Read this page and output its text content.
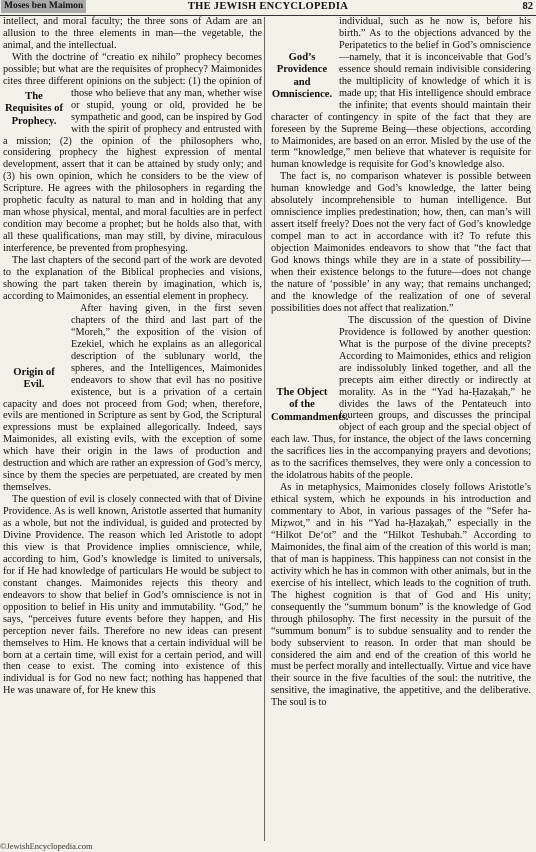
Moses ben Maimon	THE JEWISH ENCYCLOPEDIA	82

intellect, and moral faculty; the three sons of Adam are an allusion to the three elements in man—the vegetable, the animal, and the intellectual.

With the doctrine of “creatio ex nihilo” prophecy becomes possible; but what are the requisites of prophecy? Maimonides cites three different opinions on the subject: (1) the opinion of
The Requisites of Prophecy.
those who believe that any man, whether wise or stupid, young or old, provided he be sympathetic and good, can be inspired by God with the spirit of prophecy and entrusted with a mission; (2) the opinion of the philosophers who, considering prophecy the highest expression of mental development, assert that it can be attained by study only; and (3) his own opinion, which he considers to be the view of Scripture. He agrees with the philosophers in regarding the prophetic faculty as natural to man and in holding that any man whose physical, mental, and moral faculties are in perfect condition may become a prophet; but he holds also that, with all these qualifications, man may still, by divine, miraculous interference, be prevented from prophesying.

The last chapters of the second part of the work are devoted to the explanation of the Biblical prophecies and visions, showing the part taken therein by imagination, which is, according to Maimonides, an essential element in prophecy.

Origin of Evil.
After having given, in the first seven chapters of the third and last part of the “Moreh,” the exposition of the vision of Ezekiel, which he explains as an allegorical description of the sublunary world, the spheres, and the Intelligences, Maimonides endeavors to show that evil has no positive existence, but is a privation of a certain capacity and does not proceed from God; when, therefore, evils are mentioned in Scripture as sent by God, the Scriptural expressions must be explained allegorically. Indeed, says Maimonides, all existing evils, with the exception of some which have their origin in the laws of production and destruction and which are rather an expression of God’s mercy, since by them the species are perpetuated, are created by men themselves.

The question of evil is closely connected with that of Divine Providence. As is well known, Aristotle asserted that humanity as a whole, but not the individual, is guided and protected by Divine Providence. The reason which led Aristotle to adopt this view is that Providence implies omniscience, while, according to him, God’s knowledge is limited to universals, for if He had knowledge of particulars He would be subject to constant changes. Maimonides rejects this theory and endeavors to show that belief in God’s omniscience is not in opposition to belief in His unity and immutability. “God,” he says, “perceives future events before they happen, and His perception never fails. Therefore no new ideas can present themselves to Him. He knows that a certain individual will be born at a certain time, will exist for a certain period, and will then cease to exist. The coming into existence of this individual is for God no new fact; nothing has happened that He was unaware of, for He knew this

God’s Providence and Omniscience.
individual, such as he now is, before his birth.” As to the objections advanced by the Peripatetics to the belief in God’s omniscience—namely, that it is inconceivable that God’s essence should remain indivisible considering the multiplicity of knowledge of which it is made up; that His intelligence should embrace the infinite; that events should maintain their character of contingency in spite of the fact that they are foreseen by the Supreme Being—these objections, according to Maimonides, are based on an error. Misled by the use of the term “knowledge,” men believe that whatever is requisite for human knowledge is requisite for God’s knowledge also.

The fact is, no comparison whatever is possible between human knowledge and God’s knowledge, the latter being absolutely incomprehensible to human intelligence. But omniscience implies predestination; how, then, can man’s will assert itself freely? Does not the very fact of God’s knowledge compel man to act in accordance with it? To refute this objection Maimonides endeavors to show that “the fact that God knows things while they are in a state of possibility—when their existence belongs to the future—does not change the nature of ‘possible’ in any way; that remains unchanged; and the knowledge of the realization of one of several possibilities does not affect that realization.”

The Object of the Commandments.
The discussion of the question of Divine Providence is followed by another question: What is the purpose of the divine precepts? According to Maimonides, ethics and religion are indissolubly linked together, and all the precepts aim either directly or indirectly at morality. As in the “Yad ha-Ḥazaḳah,” he divides the laws of the Pentateuch into fourteen groups, and discusses the principal object of each group and the special object of each law. Thus, for instance, the object of the laws concerning the sacrifices lies in the accompanying prayers and devotions; as to the sacrifices themselves, they were only a concession to the idolatrous habits of the people.

As in metaphysics, Maimonides closely follows Aristotle’s ethical system, which he expounds in his introduction and commentary to Abot, in various passages of the “Sefer ha-Miẓwot,” and in his “Yad ha-Ḥazaḳah,” especially in the “Hilkot De‘ot” and the “Hilkot Teshubah.” According to Maimonides, the final aim of the creation of this world is man; that of man is happiness. This happiness can not consist in the activity which he has in common with other animals, but in the exercise of his intellect, which leads to the cognition of truth. The highest cognition is that of God and His unity; consequently the “summum bonum” is the knowledge of God through philosophy. The first necessity in the pursuit of the “summum bonum” is to subdue sensuality and to render the body subservient to reason. In order that man should be considered the aim and end of the creation of this world he must be perfect morally and intellectually. Virtue and vice have their source in the five faculties of the soul: the nutritive, the sensitive, the imaginative, the appetitive, and the deliberative. The soul is to

©JewishEncyclopedia.com
